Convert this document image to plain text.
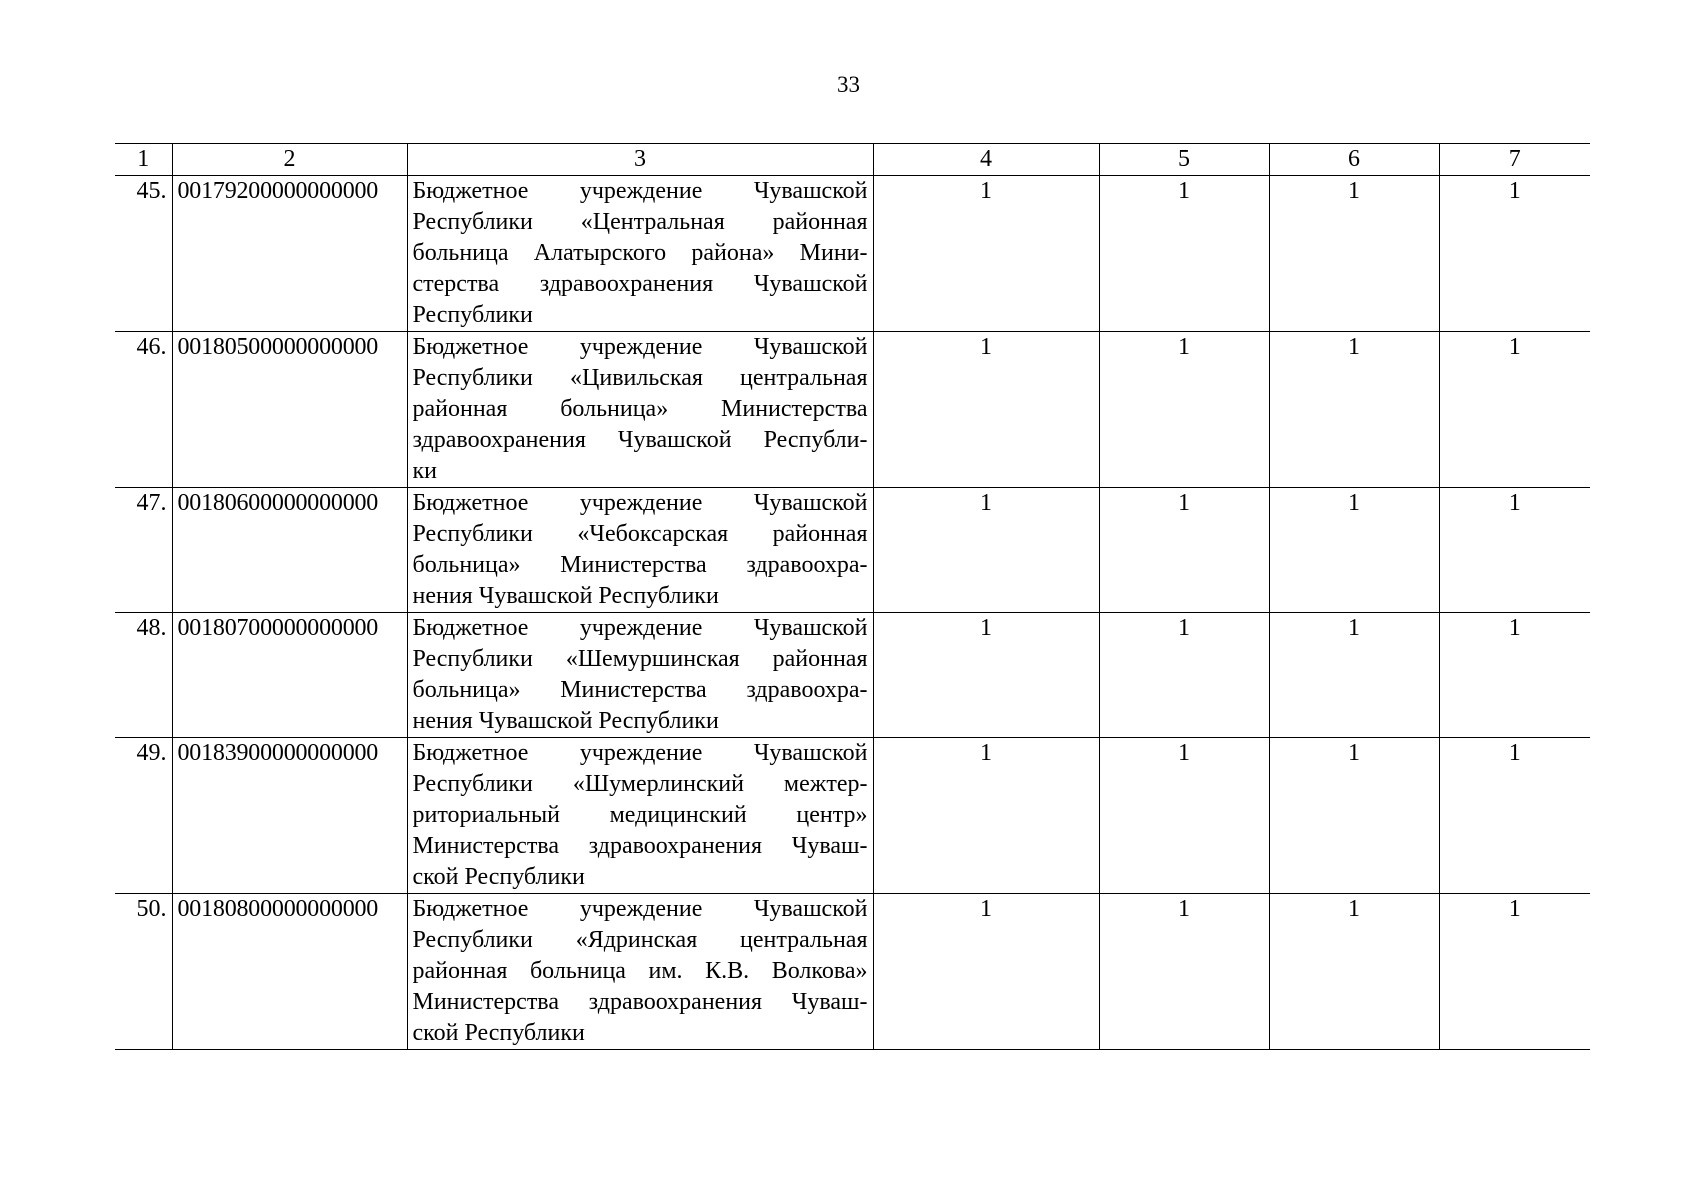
33
1	2	3	4	5	6	7
45.	00179200000000000	Бюджетное учреждение Чувашской
Республики «Центральная районная
больница Алатырского района» Мини-
стерства здравоохранения Чувашской
Республики	1	1	1	1
46.	00180500000000000	Бюджетное учреждение Чувашской
Республики «Цивильская центральная
районная больница» Министерства
здравоохранения Чувашской Республи-
ки	1	1	1	1
47.	00180600000000000	Бюджетное учреждение Чувашской
Республики «Чебоксарская районная
больница» Министерства здравоохра-
нения Чувашской Республики	1	1	1	1
48.	00180700000000000	Бюджетное учреждение Чувашской
Республики «Шемуршинская районная
больница» Министерства здравоохра-
нения Чувашской Республики	1	1	1	1
49.	00183900000000000	Бюджетное учреждение Чувашской
Республики «Шумерлинский межтер-
риториальный медицинский центр»
Министерства здравоохранения Чуваш-
ской Республики	1	1	1	1
50.	00180800000000000	Бюджетное учреждение Чувашской
Республики «Ядринская центральная
районная больница им. К.В. Волкова»
Министерства здравоохранения Чуваш-
ской Республики	1	1	1	1
